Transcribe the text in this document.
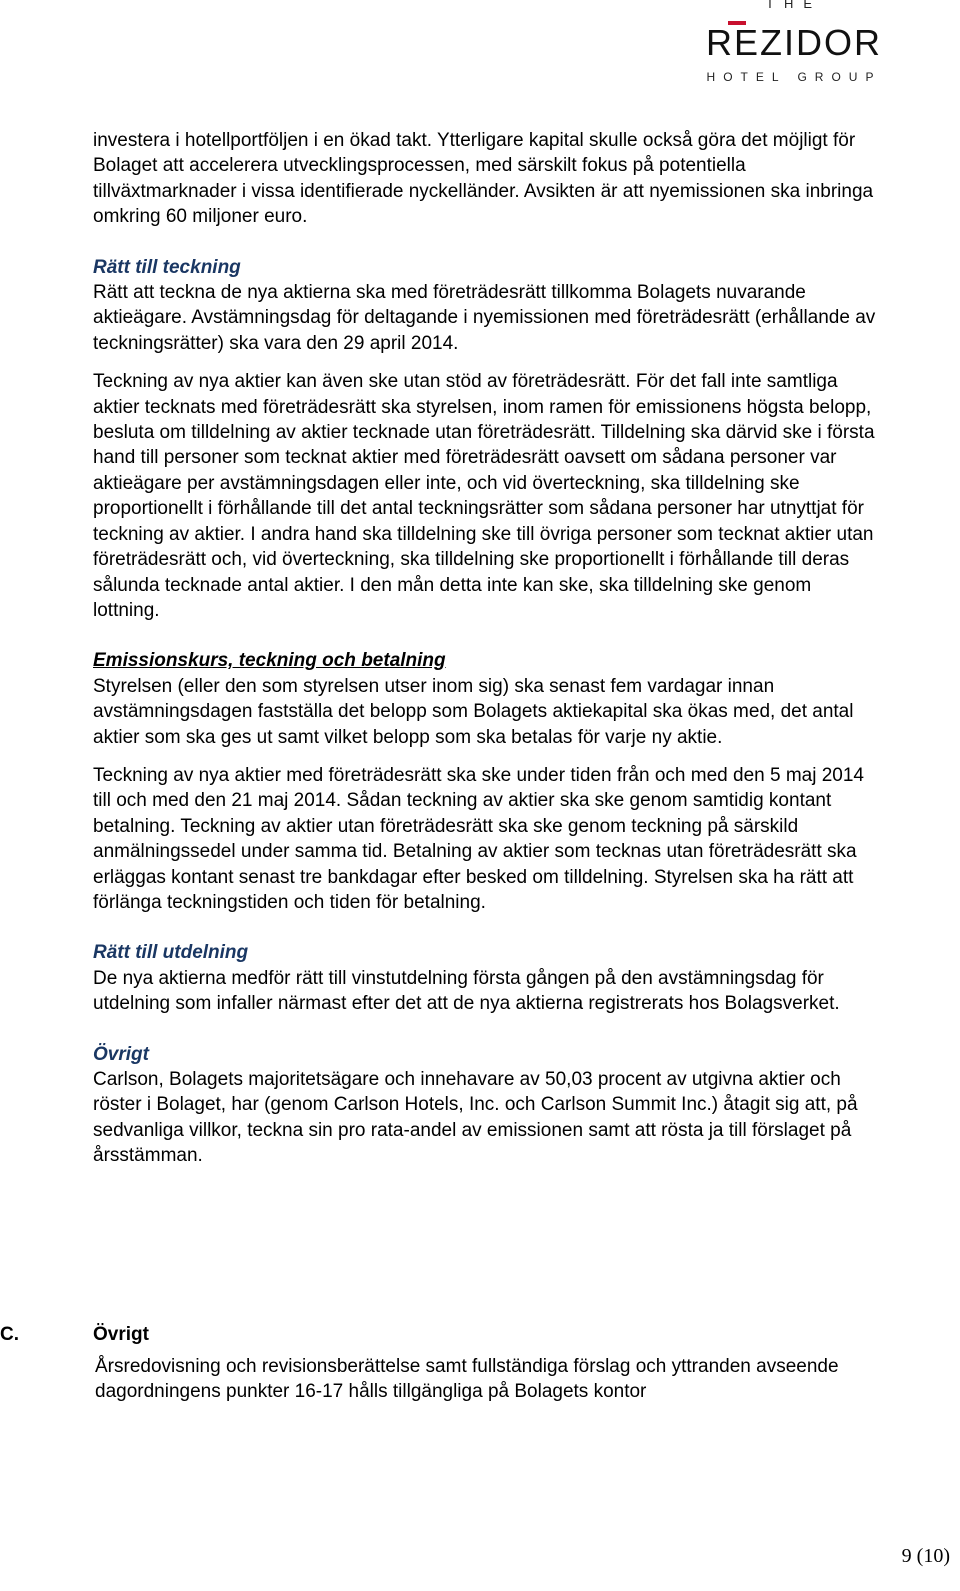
THE
REZIDOR
HOTEL GROUP

investera i hotellportföljen i en ökad takt. Ytterligare kapital skulle också göra det möjligt för Bolaget att accelerera utvecklingsprocessen, med särskilt fokus på potentiella tillväxtmarknader i vissa identifierade nyckelländer. Avsikten är att nyemissionen ska inbringa omkring 60 miljoner euro.

Rätt till teckning

Rätt att teckna de nya aktierna ska med företrädesrätt tillkomma Bolagets nuvarande aktieägare. Avstämningsdag för deltagande i nyemissionen med företrädesrätt (erhållande av teckningsrätter) ska vara den 29 april 2014.

Teckning av nya aktier kan även ske utan stöd av företrädesrätt. För det fall inte samtliga aktier tecknats med företrädesrätt ska styrelsen, inom ramen för emissionens högsta belopp, besluta om tilldelning av aktier tecknade utan företrädesrätt. Tilldelning ska därvid ske i första hand till personer som tecknat aktier med företrädesrätt oavsett om sådana personer var aktieägare per avstämningsdagen eller inte, och vid överteckning, ska tilldelning ske proportionellt i förhållande till det antal teckningsrätter som sådana personer har utnyttjat för teckning av aktier. I andra hand ska tilldelning ske till övriga personer som tecknat aktier utan företrädesrätt och, vid överteckning, ska tilldelning ske proportionellt i förhållande till deras sålunda tecknade antal aktier. I den mån detta inte kan ske, ska tilldelning ske genom lottning.

Emissionskurs, teckning och betalning

Styrelsen (eller den som styrelsen utser inom sig) ska senast fem vardagar innan avstämningsdagen fastställa det belopp som Bolagets aktiekapital ska ökas med, det antal aktier som ska ges ut samt vilket belopp som ska betalas för varje ny aktie.

Teckning av nya aktier med företrädesrätt ska ske under tiden från och med den 5 maj 2014 till och med den 21 maj 2014. Sådan teckning av aktier ska ske genom samtidig kontant betalning. Teckning av aktier utan företrädesrätt ska ske genom teckning på särskild anmälningssedel under samma tid. Betalning av aktier som tecknas utan företrädesrätt ska erläggas kontant senast tre bankdagar efter besked om tilldelning. Styrelsen ska ha rätt att förlänga teckningstiden och tiden för betalning.

Rätt till utdelning

De nya aktierna medför rätt till vinstutdelning första gången på den avstämningsdag för utdelning som infaller närmast efter det att de nya aktierna registrerats hos Bolagsverket.

Övrigt

Carlson, Bolagets majoritetsägare och innehavare av 50,03 procent av utgivna aktier och röster i Bolaget, har (genom Carlson Hotels, Inc. och Carlson Summit Inc.) åtagit sig att, på sedvanliga villkor, teckna sin pro rata-andel av emissionen samt att rösta ja till förslaget på årsstämman.

C.	Övrigt
Årsredovisning och revisionsberättelse samt fullständiga förslag och yttranden avseende dagordningens punkter 16-17 hålls tillgängliga på Bolagets kontor
9 (10)
